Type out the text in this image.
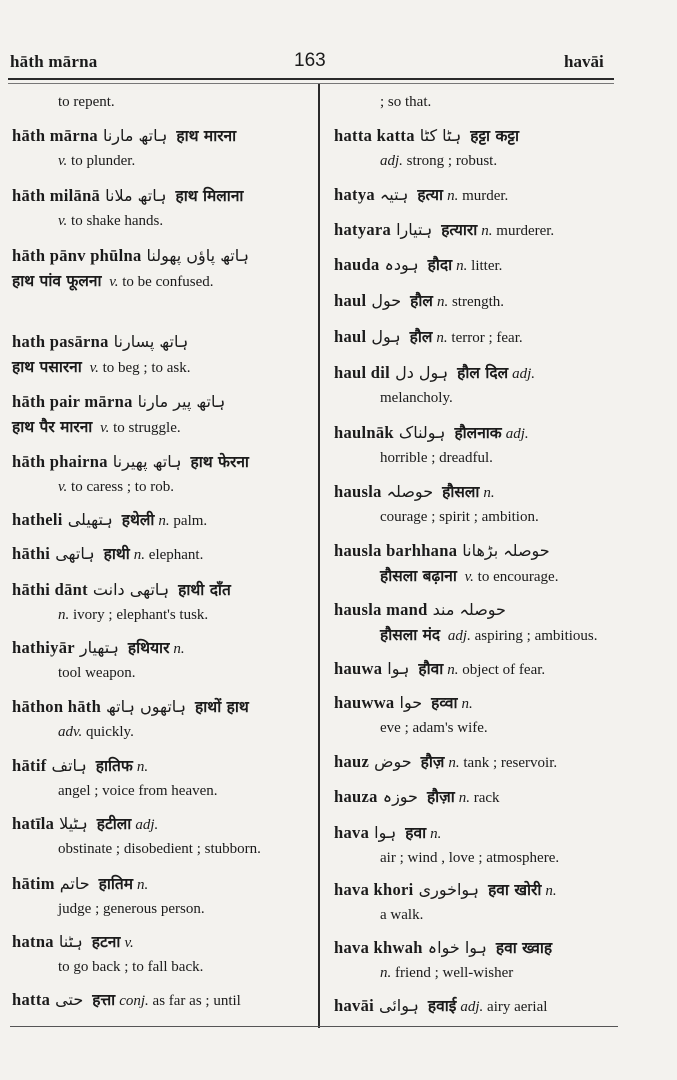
hāth mārna	163	havāi
to repent.
hāth mārna ہاتھ مارنا हाथ मारना
v. to plunder.
hāth milānā ہاتھ ملانا हाथ मिलाना
v. to shake hands.
hāth pānv phūlna ہاتھ پاؤں پھولنا
हाथ पांव फूलना v. to be confused.
hath pasārna ہاتھ پسارنا
हाथ पसारना v. to beg ; to ask.
hāth pair mārna ہاتھ پیر مارنا
हाथ पैर मारना v. to struggle.
hāth phairna ہاتھ پھیرنا हाथ फेरना
v. to caress ; to rob.
hatheli ہتھیلی हथेली n. palm.
hāthi ہاتھی हाथी n. elephant.
hāthi dānt ہاتھی دانت हाथी दाँत
n. ivory ; elephant's tusk.
hathiyār ہتھیار हथियार n.
tool weapon.
hāthon hāth ہاتھوں ہاتھ हाथों हाथ
adv. quickly.
hātif ہاتف हातिफ n.
angel ; voice from heaven.
hatīla ہٹیلا हटीला adj.
obstinate ; disobedient ; stubborn.
hātim حاتم हातिम n.
judge ; generous person.
hatna ہٹنا हटना v.
to go back ; to fall back.
hatta حتی हत्ता conj. as far as ; until
; so that.
hatta katta ہٹا کٹا हट्टा कट्टा
adj. strong ; robust.
hatya ہتیہ हत्या n. murder.
hatyara ہتیارا हत्यारा n. murderer.
hauda ہودہ हौदा n. litter.
haul حول हौल n. strength.
haul ہول हौल n. terror ; fear.
haul dil ہول دل हौल दिल adj.
melancholy.
haulnāk ہولناک हौलनाक adj.
horrible ; dreadful.
hausla حوصلہ हौसला n.
courage ; spirit ; ambition.
hausla barhhana حوصلہ بڑھانا
हौसला बढ़ाना v. to encourage.
hausla mand حوصلہ مند
हौसला मंद adj. aspiring ; ambitious.
hauwa ہوا हौवा n. object of fear.
hauwwa حوا हव्वा n.
eve ; adam's wife.
hauz حوض हौज़ n. tank ; reservoir.
hauza حوزہ हौज़ा n. rack
hava ہوا हवा n.
air ; wind , love ; atmosphere.
hava khori ہواخوری हवा खोरी n.
a walk.
hava khwah ہوا خواہ हवा ख्वाह
n. friend ; well-wisher
havāi ہوائی हवाई adj. airy aerial
